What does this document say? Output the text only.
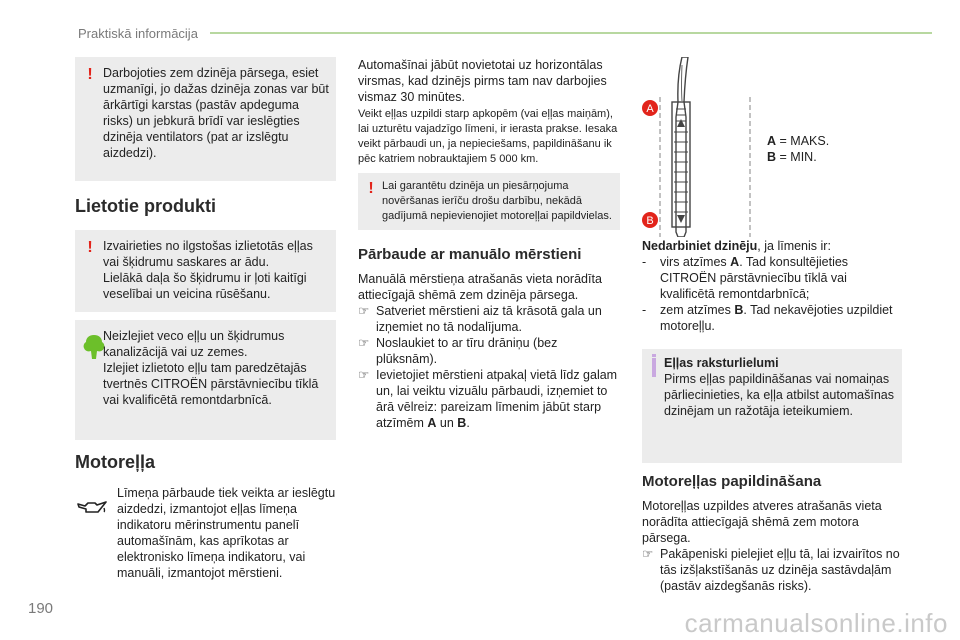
Praktiskā informācija
! Darbojoties zem dzinēja pārsega, esiet uzmanīgi, jo dažas dzinēja zonas var būt ārkārtīgi karstas (pastāv apdeguma risks) un jebkurā brīdī var ieslēgties dzinēja ventilators (pat ar izslēgtu aizdedzi).
Lietotie produkti
! Izvairieties no ilgstošas izlietotās eļļas vai šķidrumu saskares ar ādu.
Lielākā daļa šo šķidrumu ir ļoti kaitīgi veselībai un veicina rūsēšanu.
Neizlejiet veco eļļu un šķidrumus kanalizācijā vai uz zemes.
Izlejiet izlietoto eļļu tam paredzētajās tvertnēs CITROËN pārstāvniecību tīklā vai kvalificētā remontdarbnīcā.
Motoreļļa
Līmeņa pārbaude tiek veikta ar ieslēgtu aizdedzi, izmantojot eļļas līmeņa indikatoru mērinstrumentu panelī automašīnām, kas aprīkotas ar elektronisko līmeņa indikatoru, vai manuāli, izmantojot mērstieni.
Automašīnai jābūt novietotai uz horizontālas virsmas, kad dzinējs pirms tam nav darbojies vismaz 30 minūtes.
Veikt eļļas uzpildi starp apkopēm (vai eļļas maiņām), lai uzturētu vajadzīgo līmeni, ir ierasta prakse. Iesaka veikt pārbaudi un, ja nepieciešams, papildināšanu ik pēc katriem nobrauktajiem 5 000 km.
! Lai garantētu dzinēja un piesārņojuma novēršanas ierīču drošu darbību, nekādā gadījumā nepievienojiet motoreļļai papildvielas.
Pārbaude ar manuālo mērstieni
Manuālā mērstieņa atrašanās vieta norādīta attiecīgajā shēmā zem dzinēja pārsega.
☞ Satveriet mērstieni aiz tā krāsotā gala un izņemiet no tā nodalījuma.
☞ Noslaukiet to ar tīru drāniņu (bez plūksnām).
☞ Ievietojiet mērstieni atpakaļ vietā līdz galam un, lai veiktu vizuālu pārbaudi, izņemiet to ārā vēlreiz: pareizam līmenim jābūt starp atzīmēm A un B.
A
B
A = MAKS.
B = MIN.
Nedarbiniet dzinēju, ja līmenis ir:
-	virs atzīmes A. Tad konsultējieties CITROËN pārstāvniecību tīklā vai kvalificētā remontdarbnīcā;
-	zem atzīmes B. Tad nekavējoties uzpildiet motoreļļu.
Eļļas raksturlielumi
Pirms eļļas papildināšanas vai nomaiņas pārliecinieties, ka eļļa atbilst automašīnas dzinējam un ražotāja ieteikumiem.
Motoreļļas papildināšana
Motoreļļas uzpildes atveres atrašanās vieta norādīta attiecīgajā shēmā zem motora pārsega.
☞ Pakāpeniski pielejiet eļļu tā, lai izvairītos no tās izšļakstīšanās uz dzinēja sastāvdaļām (pastāv aizdegšanās risks).
190	carmanualsonline.info
